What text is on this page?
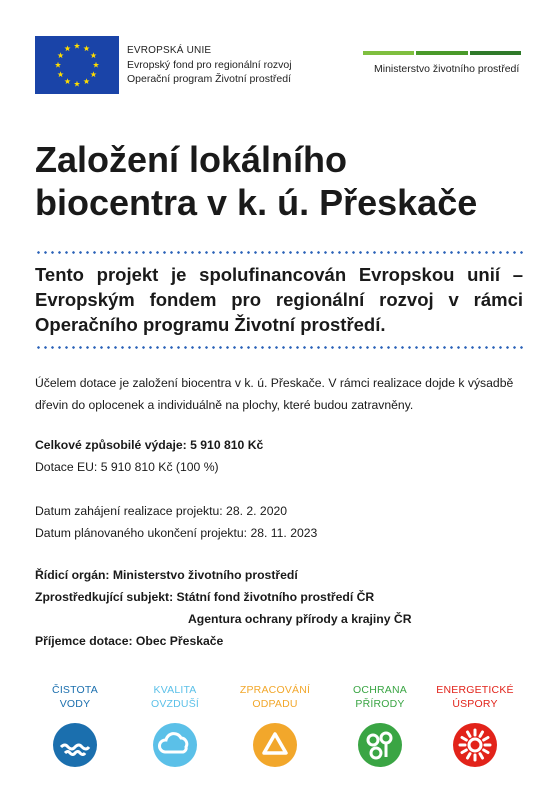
EVROPSKÁ UNIE
Evropský fond pro regionální rozvoj
Operační program Životní prostředí
Ministerstvo životního prostředí
Založení lokálního
biocentra v k. ú. Přeskače
Tento projekt je spolufinancován Evropskou unií – Evropským fondem pro regionální rozvoj v rámci Operačního programu Životní prostředí.
Účelem dotace je založení biocentra v k. ú. Přeskače. V rámci realizace dojde k výsadbě
dřevin do oplocenek a individuálně na plochy, které budou zatravněny.
Celkové způsobilé výdaje: 5 910 810 Kč
Dotace EU: 5 910 810 Kč (100 %)
Datum zahájení realizace projektu: 28. 2. 2020
Datum plánovaného ukončení projektu: 28. 11. 2023
Řídicí orgán: Ministerstvo životního prostředí
Zprostředkující subjekt: Státní fond životního prostředí ČR
Agentura ochrany přírody a krajiny ČR
Příjemce dotace: Obec Přeskače
ČISTOTA
VODY
KVALITA
OVZDUŠÍ
ZPRACOVÁNÍ
ODPADU
OCHRANA
PŘÍRODY
ENERGETICKÉ
ÚSPORY
